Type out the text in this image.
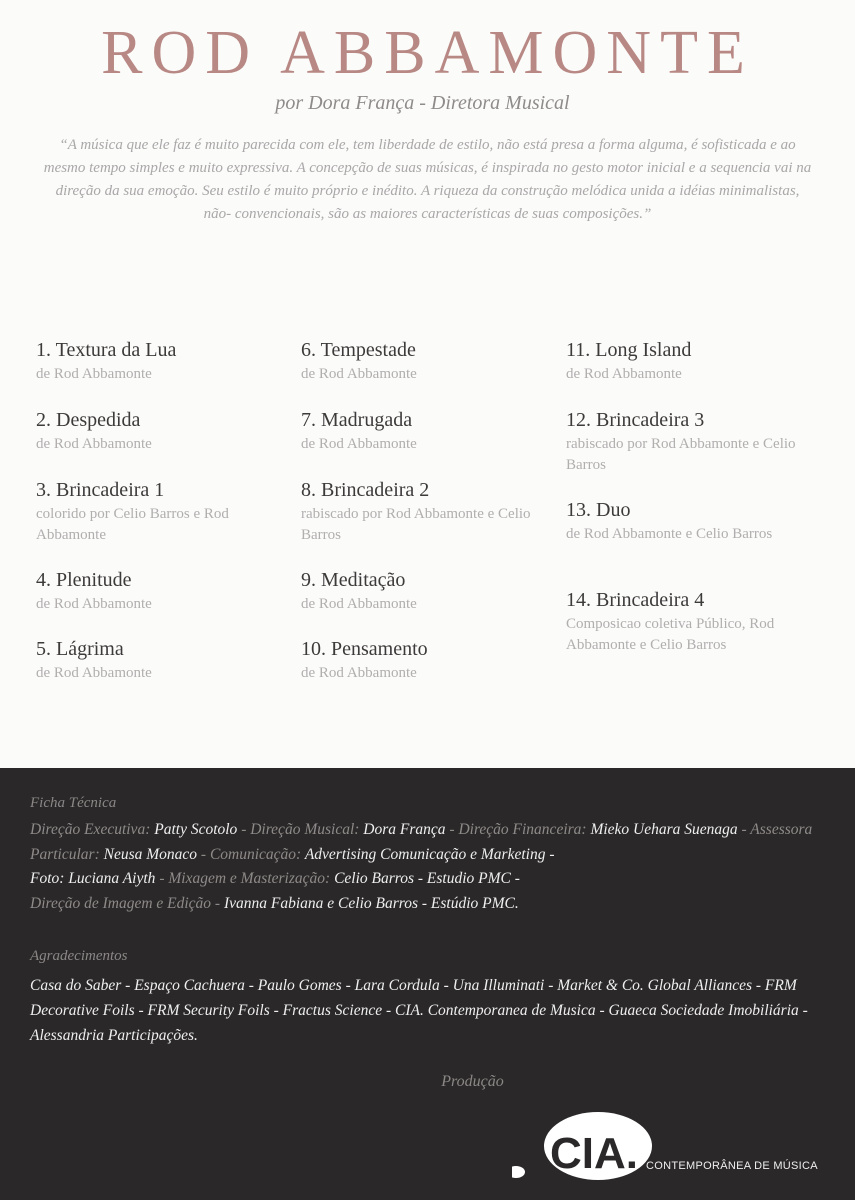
ROD ABBAMONTE
por Dora França - Diretora Musical

“A música que ele faz é muito parecida com ele, tem liberdade de estilo, não está presa a forma alguma, é sofisticada e ao mesmo tempo simples e muito expressiva. A concepção de suas músicas, é inspirada no gesto motor inicial e a sequencia vai na direção da sua emoção. Seu estilo é muito próprio e inédito. A riqueza da construção melódica unida a idéias minimalistas, não- convencionais, são as maiores características de suas composições.”

1. Textura da Lua
de Rod Abbamonte
2. Despedida
de Rod Abbamonte
3. Brincadeira 1
colorido por Celio Barros e Rod Abbamonte
4. Plenitude
de Rod Abbamonte
5. Lágrima
de Rod Abbamonte
6. Tempestade
de Rod Abbamonte
7. Madrugada
de Rod Abbamonte
8. Brincadeira 2
rabiscado por Rod Abbamonte e Celio Barros
9. Meditação
de Rod Abbamonte
10. Pensamento
de Rod Abbamonte
11. Long Island
de Rod Abbamonte
12. Brincadeira 3
rabiscado por Rod Abbamonte e Celio Barros
13. Duo
de Rod Abbamonte e Celio Barros
14. Brincadeira 4
Composicao coletiva Público, Rod Abbamonte e Celio Barros
Ficha Técnica

Direção Executiva: Patty Scotolo - Direção Musical: Dora França - Direção Financeira: Mieko Uehara Suenaga - Assessora Particular: Neusa Monaco - Comunicação: Advertising Comunicação e Marketing -
Foto: Luciana Aiyth - Mixagem e Masterização: Celio Barros - Estudio PMC -
Direção de Imagem e Edição - Ivanna Fabiana e Celio Barros - Estúdio PMC.

Agradecimentos

Casa do Saber - Espaço Cachuera - Paulo Gomes - Lara Cordula - Una Illuminati - Market & Co. Global Alliances - FRM Decorative Foils - FRM Security Foils - Fractus Science - CIA. Contemporanea de Musica - Guaeca Sociedade Imobiliária - Alessandria Participações.

Produção
CIA. CONTEMPORÂNEA DE MÚSICA
